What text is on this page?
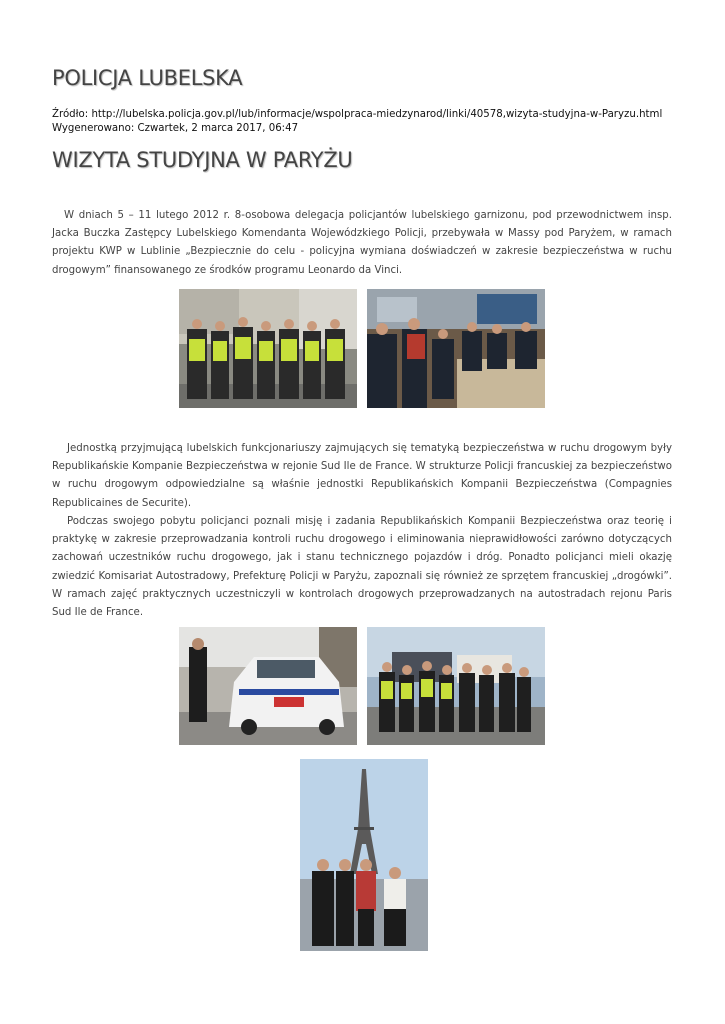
POLICJA LUBELSKA
Źródło: http://lubelska.policja.gov.pl/lub/informacje/wspolpraca-miedzynarod/linki/40578,wizyta-studyjna-w-Paryzu.html
Wygenerowano: Czwartek, 2 marca 2017, 06:47
WIZYTA STUDYJNA W PARYŻU

W dniach 5 – 11 lutego 2012 r. 8-osobowa delegacja policjantów lubelskiego garnizonu, pod przewodnictwem insp. Jacka Buczka Zastępcy Lubelskiego Komendanta Wojewódzkiego Policji, przebywała w Massy pod Paryżem, w ramach projektu KWP w Lublinie „Bezpiecznie do celu - policyjna wymiana doświadczeń w zakresie bezpieczeństwa w ruchu drogowym” finansowanego ze środków programu Leonardo da Vinci.

Jednostką przyjmującą lubelskich funkcjonariuszy zajmujących się tematyką bezpieczeństwa w ruchu drogowym były Republikańskie Kompanie Bezpieczeństwa w rejonie Sud Ile de France. W strukturze Policji francuskiej za bezpieczeństwo w ruchu drogowym odpowiedzialne są właśnie jednostki Republikańskich Kompanii Bezpieczeństwa (Compagnies Republicaines de Securite).

Podczas swojego pobytu policjanci poznali misję i zadania Republikańskich Kompanii Bezpieczeństwa oraz teorię i praktykę w zakresie przeprowadzania kontroli ruchu drogowego i eliminowania nieprawidłowości zarówno dotyczących zachowań uczestników ruchu drogowego, jak i stanu technicznego pojazdów i dróg. Ponadto policjanci mieli okazję zwiedzić Komisariat Autostradowy, Prefekturę Policji w Paryżu, zapoznali się również ze sprzętem francuskiej „drogówki”. W ramach zajęć praktycznych uczestniczyli w kontrolach drogowych przeprowadzanych na autostradach rejonu Paris Sud Ile de France.
